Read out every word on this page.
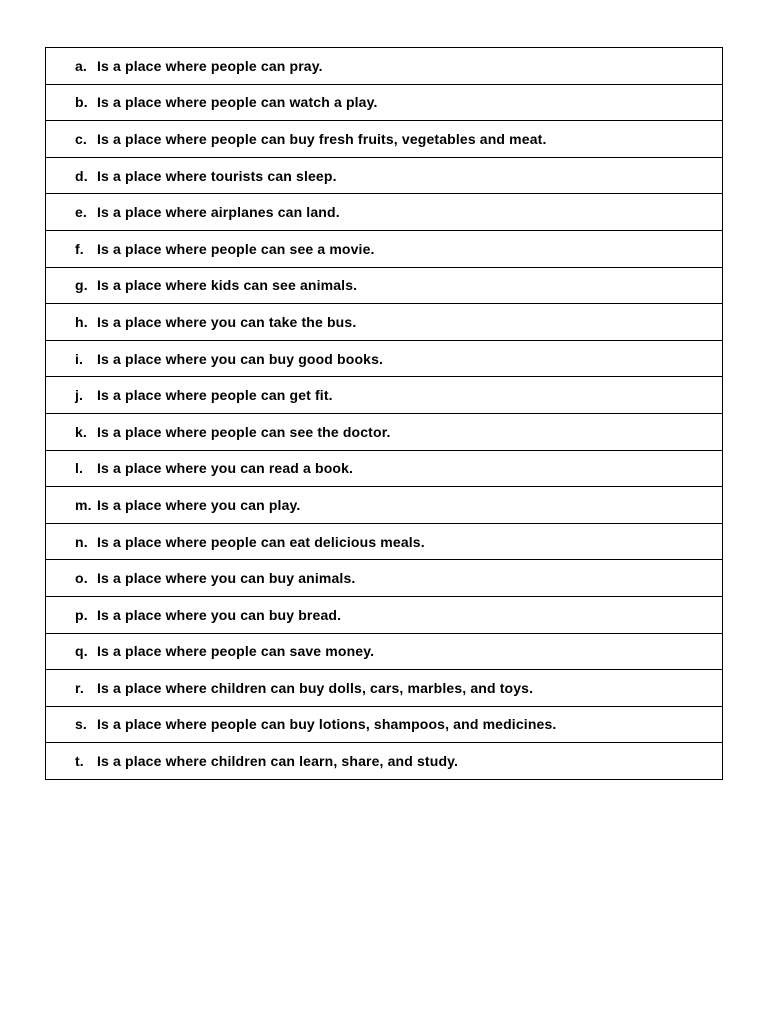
a. Is a place where people can pray.
b. Is a place where people can watch a play.
c. Is a place where people can buy fresh fruits, vegetables and meat.
d. Is a place where tourists can sleep.
e. Is a place where airplanes can land.
f. Is a place where people can see a movie.
g. Is a place where kids can see animals.
h. Is a place where you can take the bus.
i. Is a place where you can buy good books.
j. Is a place where people can get fit.
k. Is a place where people can see the doctor.
l. Is a place where you can read a book.
m. Is a place where you can play.
n. Is a place where people can eat delicious meals.
o. Is a place where you can buy animals.
p. Is a place where you can buy bread.
q. Is a place where people can save money.
r. Is a place where children can buy dolls, cars, marbles, and toys.
s. Is a place where people can buy lotions, shampoos, and medicines.
t. Is a place where children can learn, share, and study.
